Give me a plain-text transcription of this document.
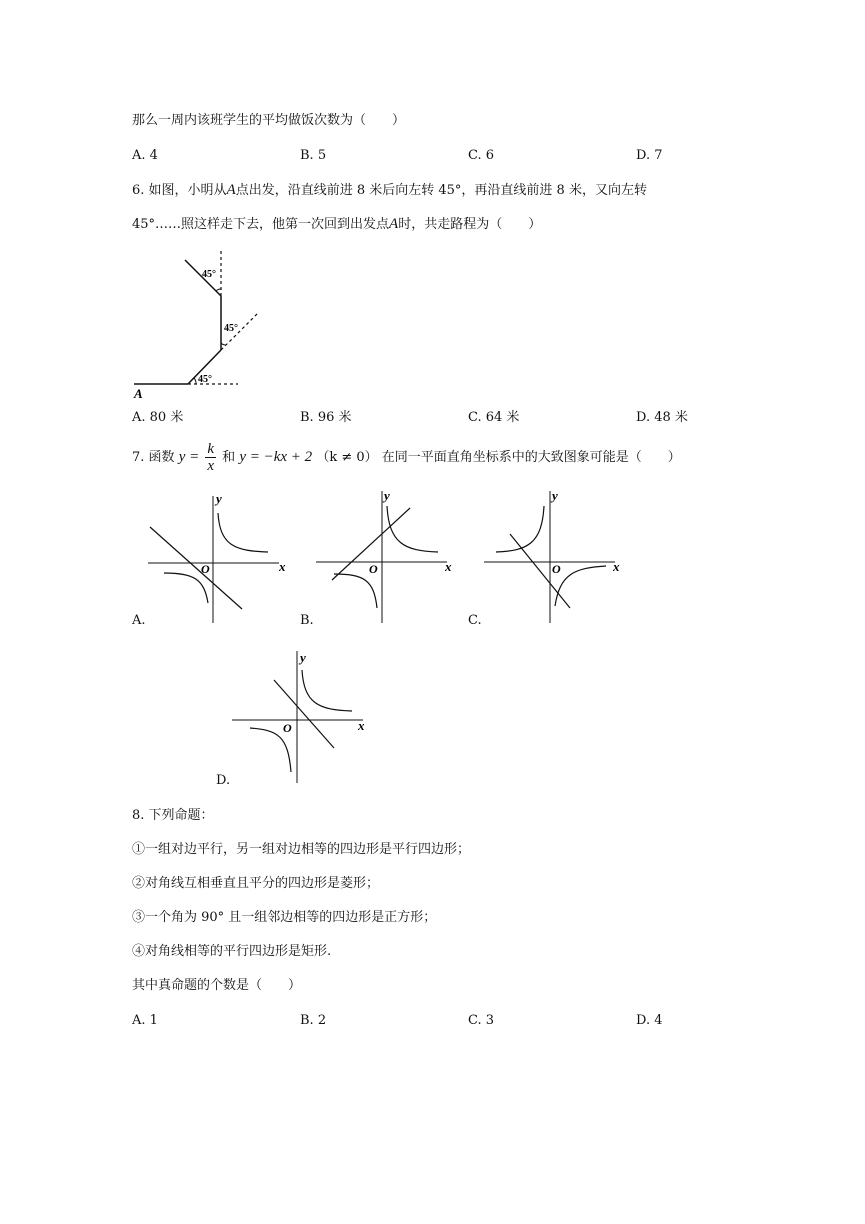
那么一周内该班学生的平均做饭次数为（　　）
A. 4	B. 5	C. 6	D. 7
6. 如图，小明从A点出发，沿直线前进 8 米后向左转 45°，再沿直线前进 8 米，又向左转
45°……照这样走下去，他第一次回到出发点A时，共走路程为（　　）
45°
45°
45°
A
A. 80 米	B. 96 米	C. 64 米	D. 48 米
7. 函数 $y = \frac{k}{x}$ 和 y = −kx + 2 （k ≠ 0） 在同一平面直角坐标系中的大致图象可能是（　　）
x
y
O
A.
x
y
O
B.
x
y
O
C.
x
y
O
D.
8. 下列命题：
①一组对边平行，另一组对边相等的四边形是平行四边形；
②对角线互相垂直且平分的四边形是菱形；
③一个角为 90° 且一组邻边相等的四边形是正方形；
④对角线相等的平行四边形是矩形.
其中真命题的个数是（　　）
A. 1	B. 2	C. 3	D. 4
